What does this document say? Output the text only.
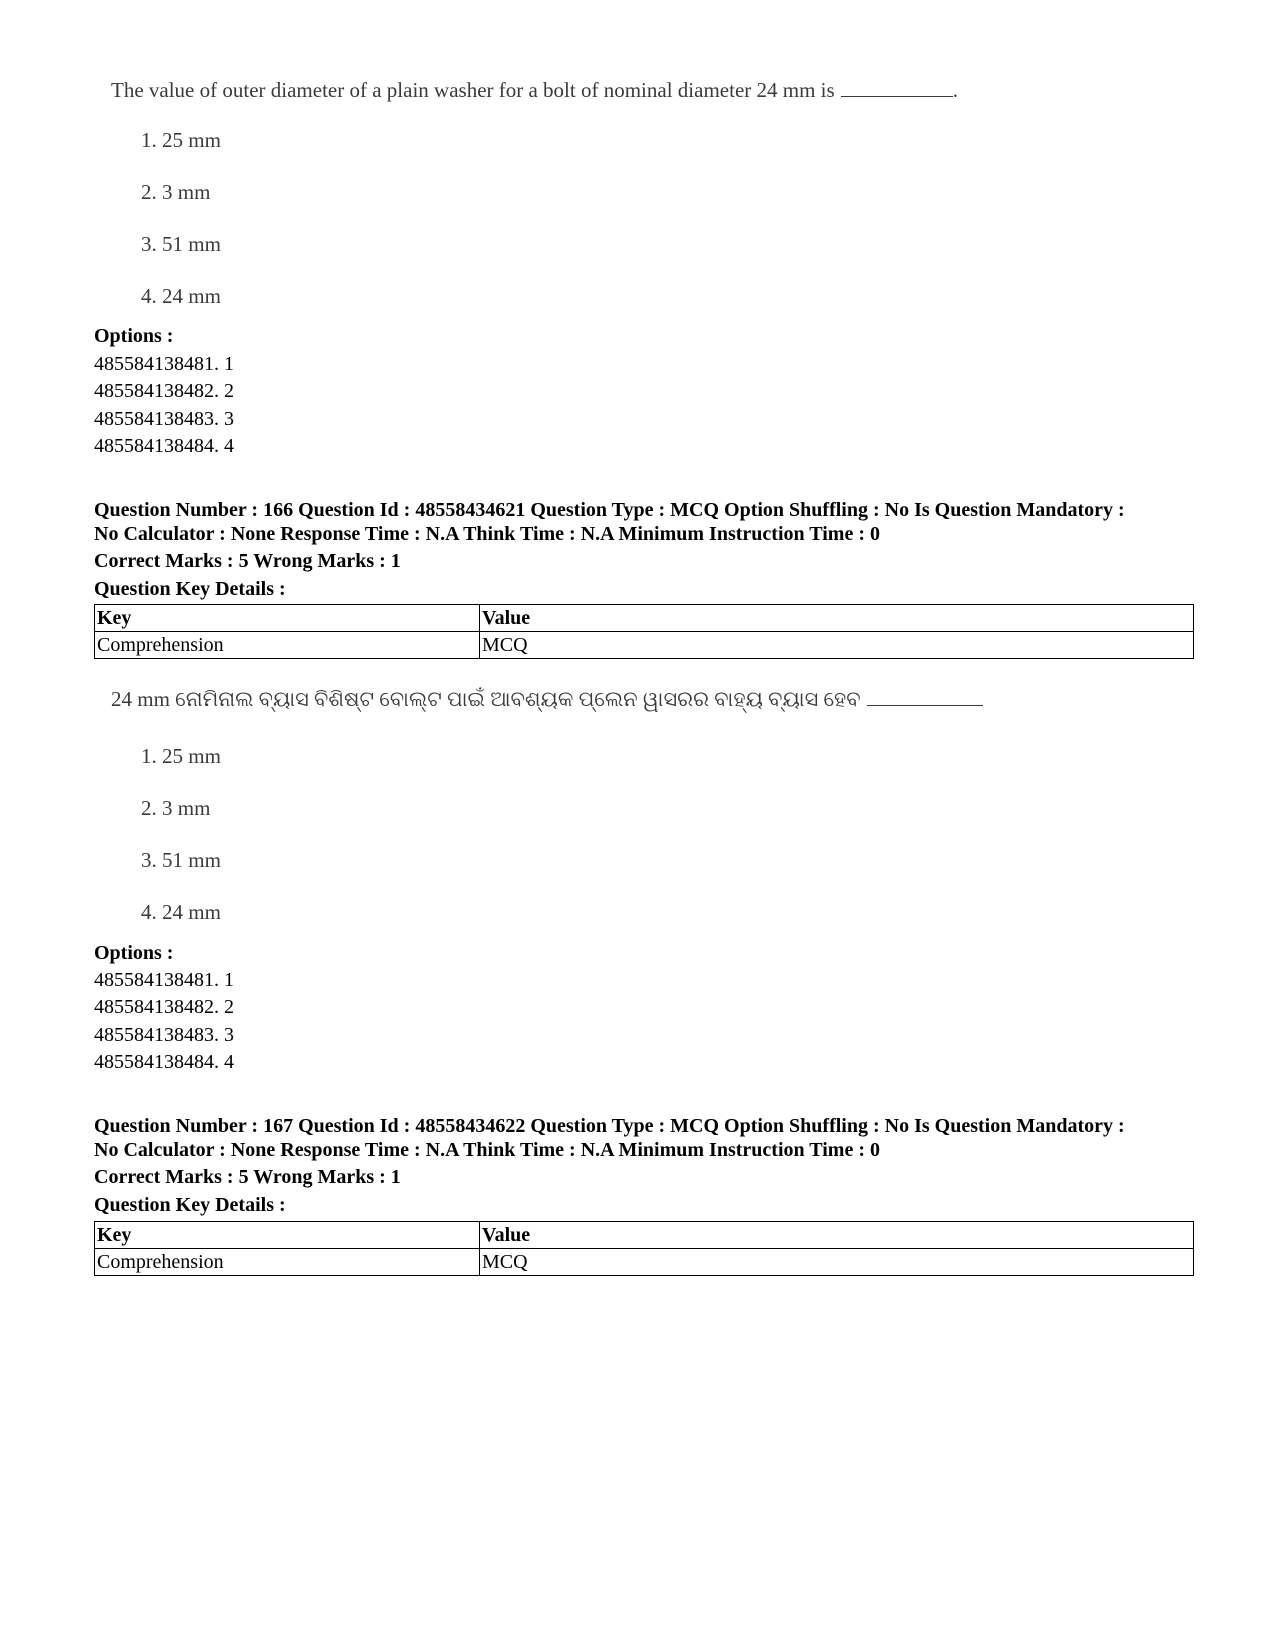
The value of outer diameter of a plain washer for a bolt of nominal diameter 24 mm is	.
1. 25 mm
2. 3 mm
3. 51 mm
4. 24 mm
Options :
485584138481. 1
485584138482. 2
485584138483. 3
485584138484. 4
Question Number : 166 Question Id : 48558434621 Question Type : MCQ Option Shuffling : No Is Question Mandatory :
No Calculator : None Response Time : N.A Think Time : N.A Minimum Instruction Time : 0
Correct Marks : 5 Wrong Marks : 1
Question Key Details :
Key	Value
Comprehension	MCQ
24 mm ନୋମିନାଲ ବ୍ୟାସ ବିଶିଷ୍ଟ ବୋଲ୍ଟ ପାଇଁ ଆବଶ୍ୟକ ପ୍ଲେନ ୱାସରର ବାହ୍ୟ ବ୍ୟାସ ହେବ
1. 25 mm
2. 3 mm
3. 51 mm
4. 24 mm
Options :
485584138481. 1
485584138482. 2
485584138483. 3
485584138484. 4
Question Number : 167 Question Id : 48558434622 Question Type : MCQ Option Shuffling : No Is Question Mandatory :
No Calculator : None Response Time : N.A Think Time : N.A Minimum Instruction Time : 0
Correct Marks : 5 Wrong Marks : 1
Question Key Details :
Key	Value
Comprehension	MCQ
